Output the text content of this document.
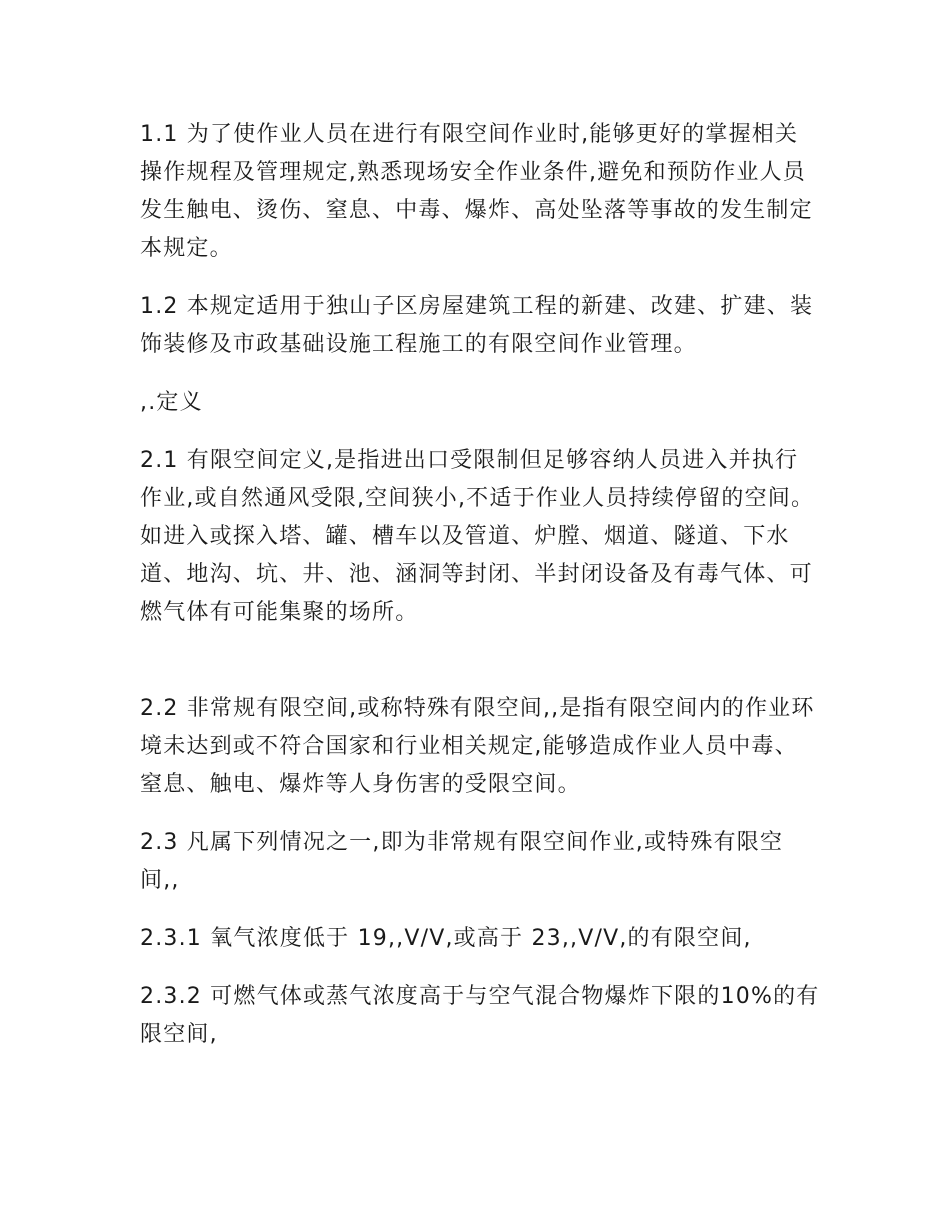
1.1 为了使作业人员在进行有限空间作业时,能够更好的掌握相关操作规程及管理规定,熟悉现场安全作业条件,避免和预防作业人员发生触电、烫伤、窒息、中毒、爆炸、高处坠落等事故的发生制定本规定。

1.2 本规定适用于独山子区房屋建筑工程的新建、改建、扩建、装饰装修及市政基础设施工程施工的有限空间作业管理。

,.定义

2.1 有限空间定义,是指进出口受限制但足够容纳人员进入并执行作业,或自然通风受限,空间狭小,不适于作业人员持续停留的空间。如进入或探入塔、罐、槽车以及管道、炉膛、烟道、隧道、下水道、地沟、坑、井、池、涵洞等封闭、半封闭设备及有毒气体、可燃气体有可能集聚的场所。

2.2 非常规有限空间,或称特殊有限空间,,是指有限空间内的作业环境未达到或不符合国家和行业相关规定,能够造成作业人员中毒、窒息、触电、爆炸等人身伤害的受限空间。

2.3 凡属下列情况之一,即为非常规有限空间作业,或特殊有限空间,,

2.3.1 氧气浓度低于 19,,V/V,或高于 23,,V/V,的有限空间,

2.3.2 可燃气体或蒸气浓度高于与空气混合物爆炸下限的10%的有限空间,
